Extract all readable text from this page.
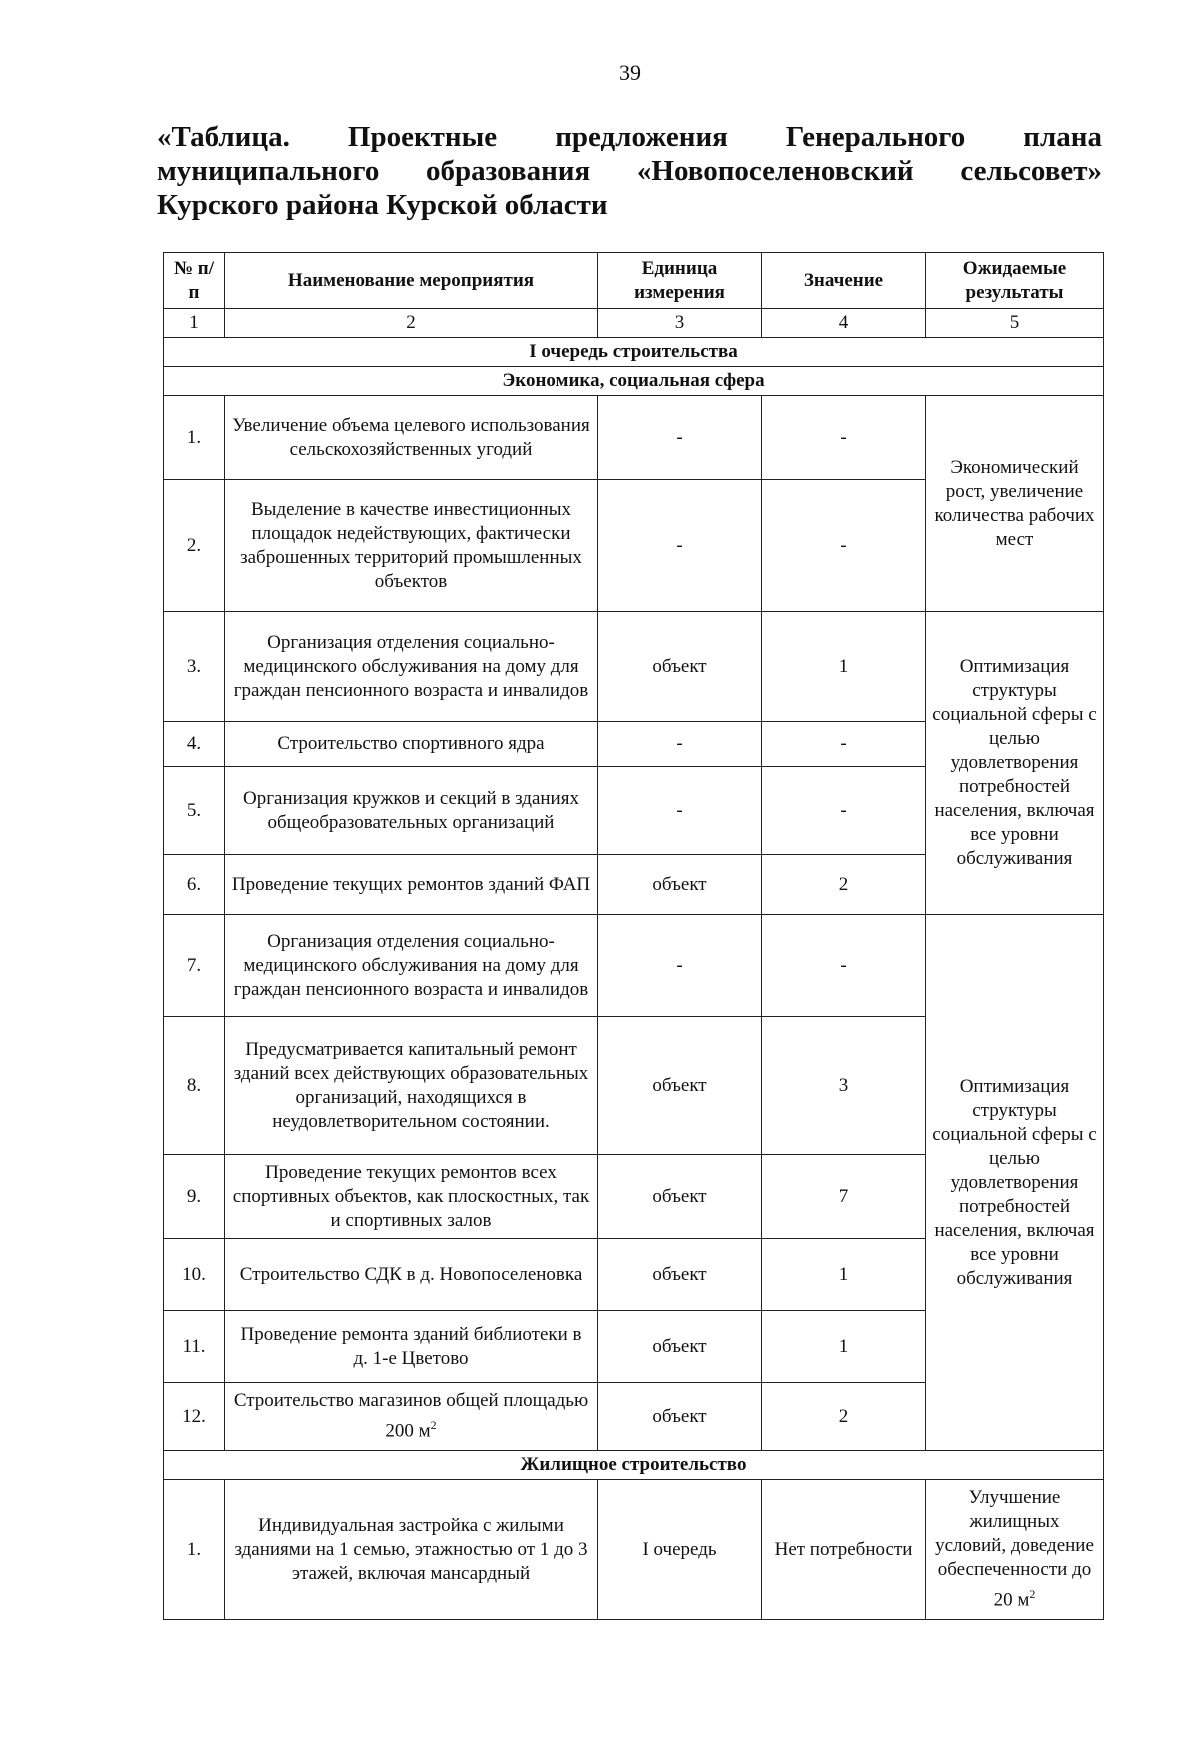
39
«Таблица. Проектные предложения Генерального плана
муниципального образования «Новопоселеновский сельсовет»
Курского района Курской области
№ п/п	Наименование мероприятия	Единица измерения	Значение	Ожидаемые результаты
1	2	3	4	5
I очередь строительства				
Экономика, социальная сфера				
1.	Увеличение объема целевого использования сельскохозяйственных угодий	-	-	Экономический рост, увеличение количества рабочих мест
2.	Выделение в качестве инвестиционных площадок недействующих, фактически заброшенных территорий промышленных объектов	-	-	
3.	Организация отделения социально-медицинского обслуживания на дому для граждан пенсионного возраста и инвалидов	объект	1	Оптимизация структуры социальной сферы с целью удовлетворения потребностей населения, включая все уровни обслуживания
4.	Строительство спортивного ядра	-	-	
5.	Организация кружков и секций в зданиях общеобразовательных организаций	-	-	
6.	Проведение текущих ремонтов зданий ФАП	объект	2	
7.	Организация отделения социально-медицинского обслуживания на дому для граждан пенсионного возраста и инвалидов	-	-	Оптимизация структуры социальной сферы с целью удовлетворения потребностей населения, включая все уровни обслуживания
8.	Предусматривается капитальный ремонт зданий всех действующих образовательных организаций, находящихся в неудовлетворительном состоянии.	объект	3	
9.	Проведение текущих ремонтов всех спортивных объектов, как плоскостных, так и спортивных залов	объект	7	
10.	Строительство СДК в д. Новопоселеновка	объект	1	
11.	Проведение ремонта зданий библиотеки в д. 1-е Цветово	объект	1	
12.	Строительство магазинов общей площадью 200 $м^2$	объект	2	
Жилищное строительство				
1.	Индивидуальная застройка с жилыми зданиями на 1 семью, этажностью от 1 до 3 этажей, включая мансардный	I очередь	Нет потребности	Улучшение жилищных условий, доведение обеспеченности до 20 $м^2$
